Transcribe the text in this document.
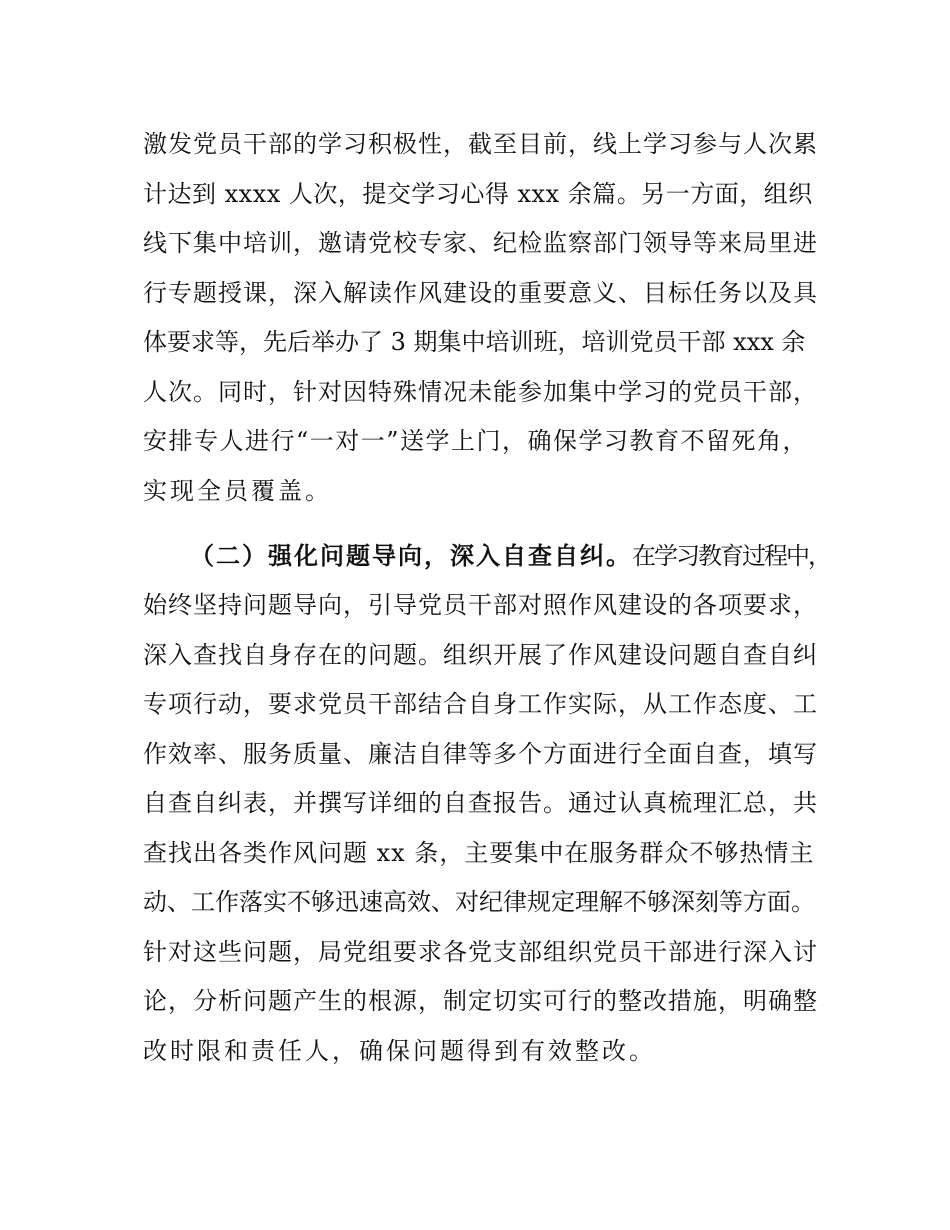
激发党员干部的学习积极性，截至目前，线上学习参与人次累
计达到 xxxx 人次，提交学习心得 xxx 余篇。另一方面，组织
线下集中培训，邀请党校专家、纪检监察部门领导等来局里进
行专题授课，深入解读作风建设的重要意义、目标任务以及具
体要求等，先后举办了 3 期集中培训班，培训党员干部 xxx 余
人次。同时，针对因特殊情况未能参加集中学习的党员干部，
安排专人进行“一对一”送学上门，确保学习教育不留死角，
实现全员覆盖。
（二）强化问题导向，深入自查自纠。在学习教育过程中，
始终坚持问题导向，引导党员干部对照作风建设的各项要求，
深入查找自身存在的问题。组织开展了作风建设问题自查自纠
专项行动，要求党员干部结合自身工作实际，从工作态度、工
作效率、服务质量、廉洁自律等多个方面进行全面自查，填写
自查自纠表，并撰写详细的自查报告。通过认真梳理汇总，共
查找出各类作风问题 xx 条，主要集中在服务群众不够热情主
动、工作落实不够迅速高效、对纪律规定理解不够深刻等方面。
针对这些问题，局党组要求各党支部组织党员干部进行深入讨
论，分析问题产生的根源，制定切实可行的整改措施，明确整
改时限和责任人，确保问题得到有效整改。
